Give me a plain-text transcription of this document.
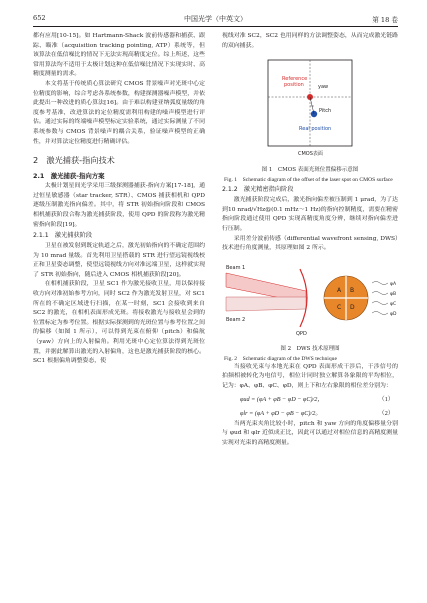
652	中国光学（中英文）	第 18 卷

都有应用[10-15]。如 Hartmann-Shack 波前传感器和捕获、跟踪、瞄准（acquisition tracking pointing, ATP）系统等，但该算法在低信噪比的情况下无法实现高精度定位。综上所述，这些常用算法均不适用于太极计划这种在低信噪比情况下实现实时、高精度测量的需求。

本文将基于传统质心算法研究 CMOS 背景噪声对光斑中心定位精度的影响，综合考虑各系统参数，构建探测器噪声模型，并依此提出一种改进的质心算法[16]。由于难以构建亚纳弧度量级的角度参考基准，改进算法的定位精度需利用构建的噪声模型进行评估。通过实际的终端噪声模型标定实验系统，通过实际测量了不同系统参数与 CMOS 背景噪声的耦合关系，验证噪声模型的正确性，并对算法定位精度进行精确评估。

2　激光捕获-指向技术
2.1　激光捕获-指向方案

太极计划星间光学采用三级探测器捕获-指向方案[17-18]，通过恒星敏感器（star tracker, STR）、CMOS 捕获相机和 QPD 逐级压制激光指向偏差。其中，将 STR 初始指向阶段和 CMOS 相机捕获阶段合称为激光捕获阶段，使用 QPD 的阶段称为激光精密指向阶段[19]。

2.1.1　激光捕获阶段

卫星在被发射到既定轨道之后，激光初始指向的不确定范围约为 10 mrad 量级。首先利用卫星搭载的 STR 进行望远镜视线校正和卫星姿态调整，使望远镜视线方向对准远端卫星，这样就实现了 STR 初始指向，随后进入 CMOS 相机捕获阶段[20]。

在相机捕获阶段，卫星 SC1 作为激光接收卫星，用以保持接收方向对准初始参考方向，同时 SC2 作为激光发射卫星，对 SC1 所在的不确定区域进行扫描，在某一时刻，SC1 会接收到来自 SC2 的激光，在相机表面形成光斑。将接收激光与接收星会到的位置标定为参考位置。根据实际探测到的光斑位置与参考位置之间的偏移（如图 1 所示），可以得到光束在俯仰（pitch）和偏航（yaw）方向上的入射偏角。利用光斑中心定位算法得到光斑位置，并据此解算出激光的入射偏角，这也是激光捕获阶段的核心。SC1 根据偏角调整姿态，使

视线对准 SC2，SC2 也用同样的方法调整姿态，从而完成激光链路的双向捕获。

Reference position	yaw
Pitch
Real position
CMOS表面

图 1　CMOS 表面光斑位置偏移示意图

Fig. 1　Schematic diagram of the offset of the laser spot on CMOS surface

2.1.2　激光精密指向阶段

激光捕获阶段完成后，激光指向偏差被压制到 1 μrad，为了达到10 nrad/√Hz@(0.1 mHz～1 Hz)的指向控制精度，需要在精密指向阶段通过使用 QPD 实现高精度角度分辨，继续对指向偏差进行压制。

采用差分波前传感（differential wavefront sensing, DWS）技术进行角度测量，其原理如图 2 所示。

Beam 1
Beam 2
QPD
A B
C D
φA
φB
φC
φD

图 2　DWS 技术原理图

Fig. 2　Schematic diagram of the DWS technique

当接收光束与本地光束在 QPD 表面形成干涉后，干涉信号的拍频相被转化为电信号，相位计同时独立解算各象限的平均相位，记为：φA、φB、φC、φD，则上下和左右象限的相位差分别为：

φud = (φA + φB − φD − φC)/2，	（1）
φlr = (φA + φD − φB − φC)/2。	（2）

当两光束夹角比较小时，pitch 和 yaw 方向的角度偏移量分别与 φud 和 φlr 近似成正比，因此可以通过对相位信息的高精度测量实现对光束的高精度测量。
